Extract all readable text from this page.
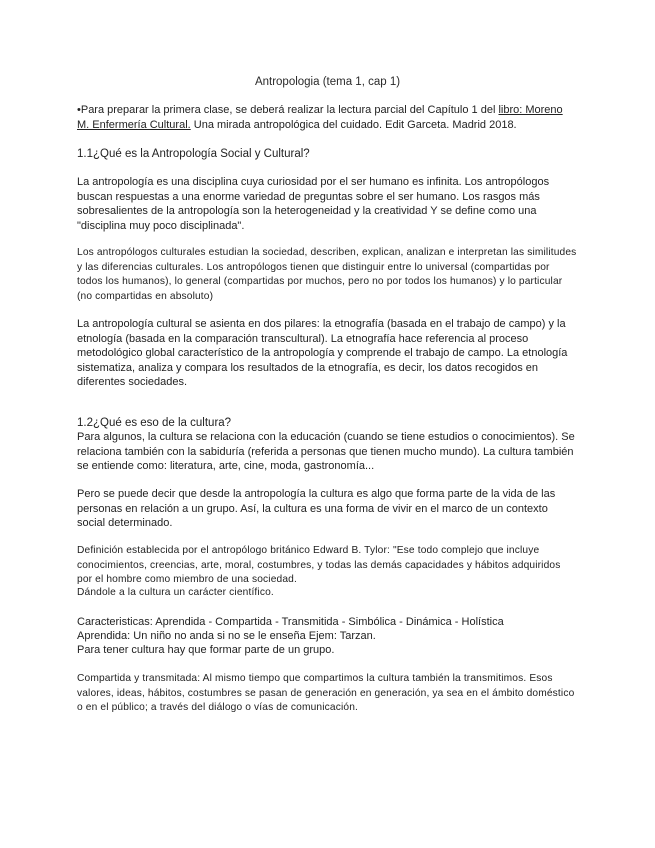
Antropologia (tema 1, cap 1)

•Para preparar la primera clase, se deberá realizar la lectura parcial del Capítulo 1 del libro: Moreno M. Enfermería Cultural. Una mirada antropológica del cuidado. Edit Garceta. Madrid 2018.

1.1¿Qué es la Antropología Social y Cultural?
La antropología es una disciplina cuya curiosidad por el ser humano es infinita. Los antropólogos buscan respuestas a una enorme variedad de preguntas sobre el ser humano. Los rasgos más sobresalientes de la antropología son la heterogeneidad y la creatividad Y se define como una "disciplina muy poco disciplinada".
Los antropólogos culturales estudian la sociedad, describen, explican, analizan e interpretan las similitudes y las diferencias culturales. Los antropólogos tienen que distinguir entre lo universal (compartidas por todos los humanos), lo general (compartidas por muchos, pero no por todos los humanos) y lo particular (no compartidas en absoluto)
La antropología cultural se asienta en dos pilares: la etnografía (basada en el trabajo de campo) y la etnología (basada en la comparación transcultural). La etnografía hace referencia al proceso metodológico global característico de la antropología y comprende el trabajo de campo. La etnología sistematiza, analiza y compara los resultados de la etnografía, es decir, los datos recogidos en diferentes sociedades.
1.2¿Qué es eso de la cultura?
Para algunos, la cultura se relaciona con la educación (cuando se tiene estudios o conocimientos). Se relaciona también con la sabiduría (referida a personas que tienen mucho mundo). La cultura también se entiende como: literatura, arte, cine, moda, gastronomía...
Pero se puede decir que desde la antropología la cultura es algo que forma parte de la vida de las personas en relación a un grupo. Así, la cultura es una forma de vivir en el marco de un contexto social determinado.
Definición establecida por el antropólogo británico Edward B. Tylor: "Ese todo complejo que incluye conocimientos, creencias, arte, moral, costumbres, y todas las demás capacidades y hábitos adquiridos por el hombre como miembro de una sociedad.
Dándole a la cultura un carácter científico.
Caracteristicas: Aprendida - Compartida - Transmitida - Simbólica - Dinámica - Holística
Aprendida: Un niño no anda si no se le enseña Ejem: Tarzan.
Para tener cultura hay que formar parte de un grupo.
Compartida y transmitada: Al mismo tiempo que compartimos la cultura también la transmitimos. Esos valores, ideas, hábitos, costumbres se pasan de generación en generación, ya sea en el ámbito doméstico o en el público; a través del diálogo o vías de comunicación.
